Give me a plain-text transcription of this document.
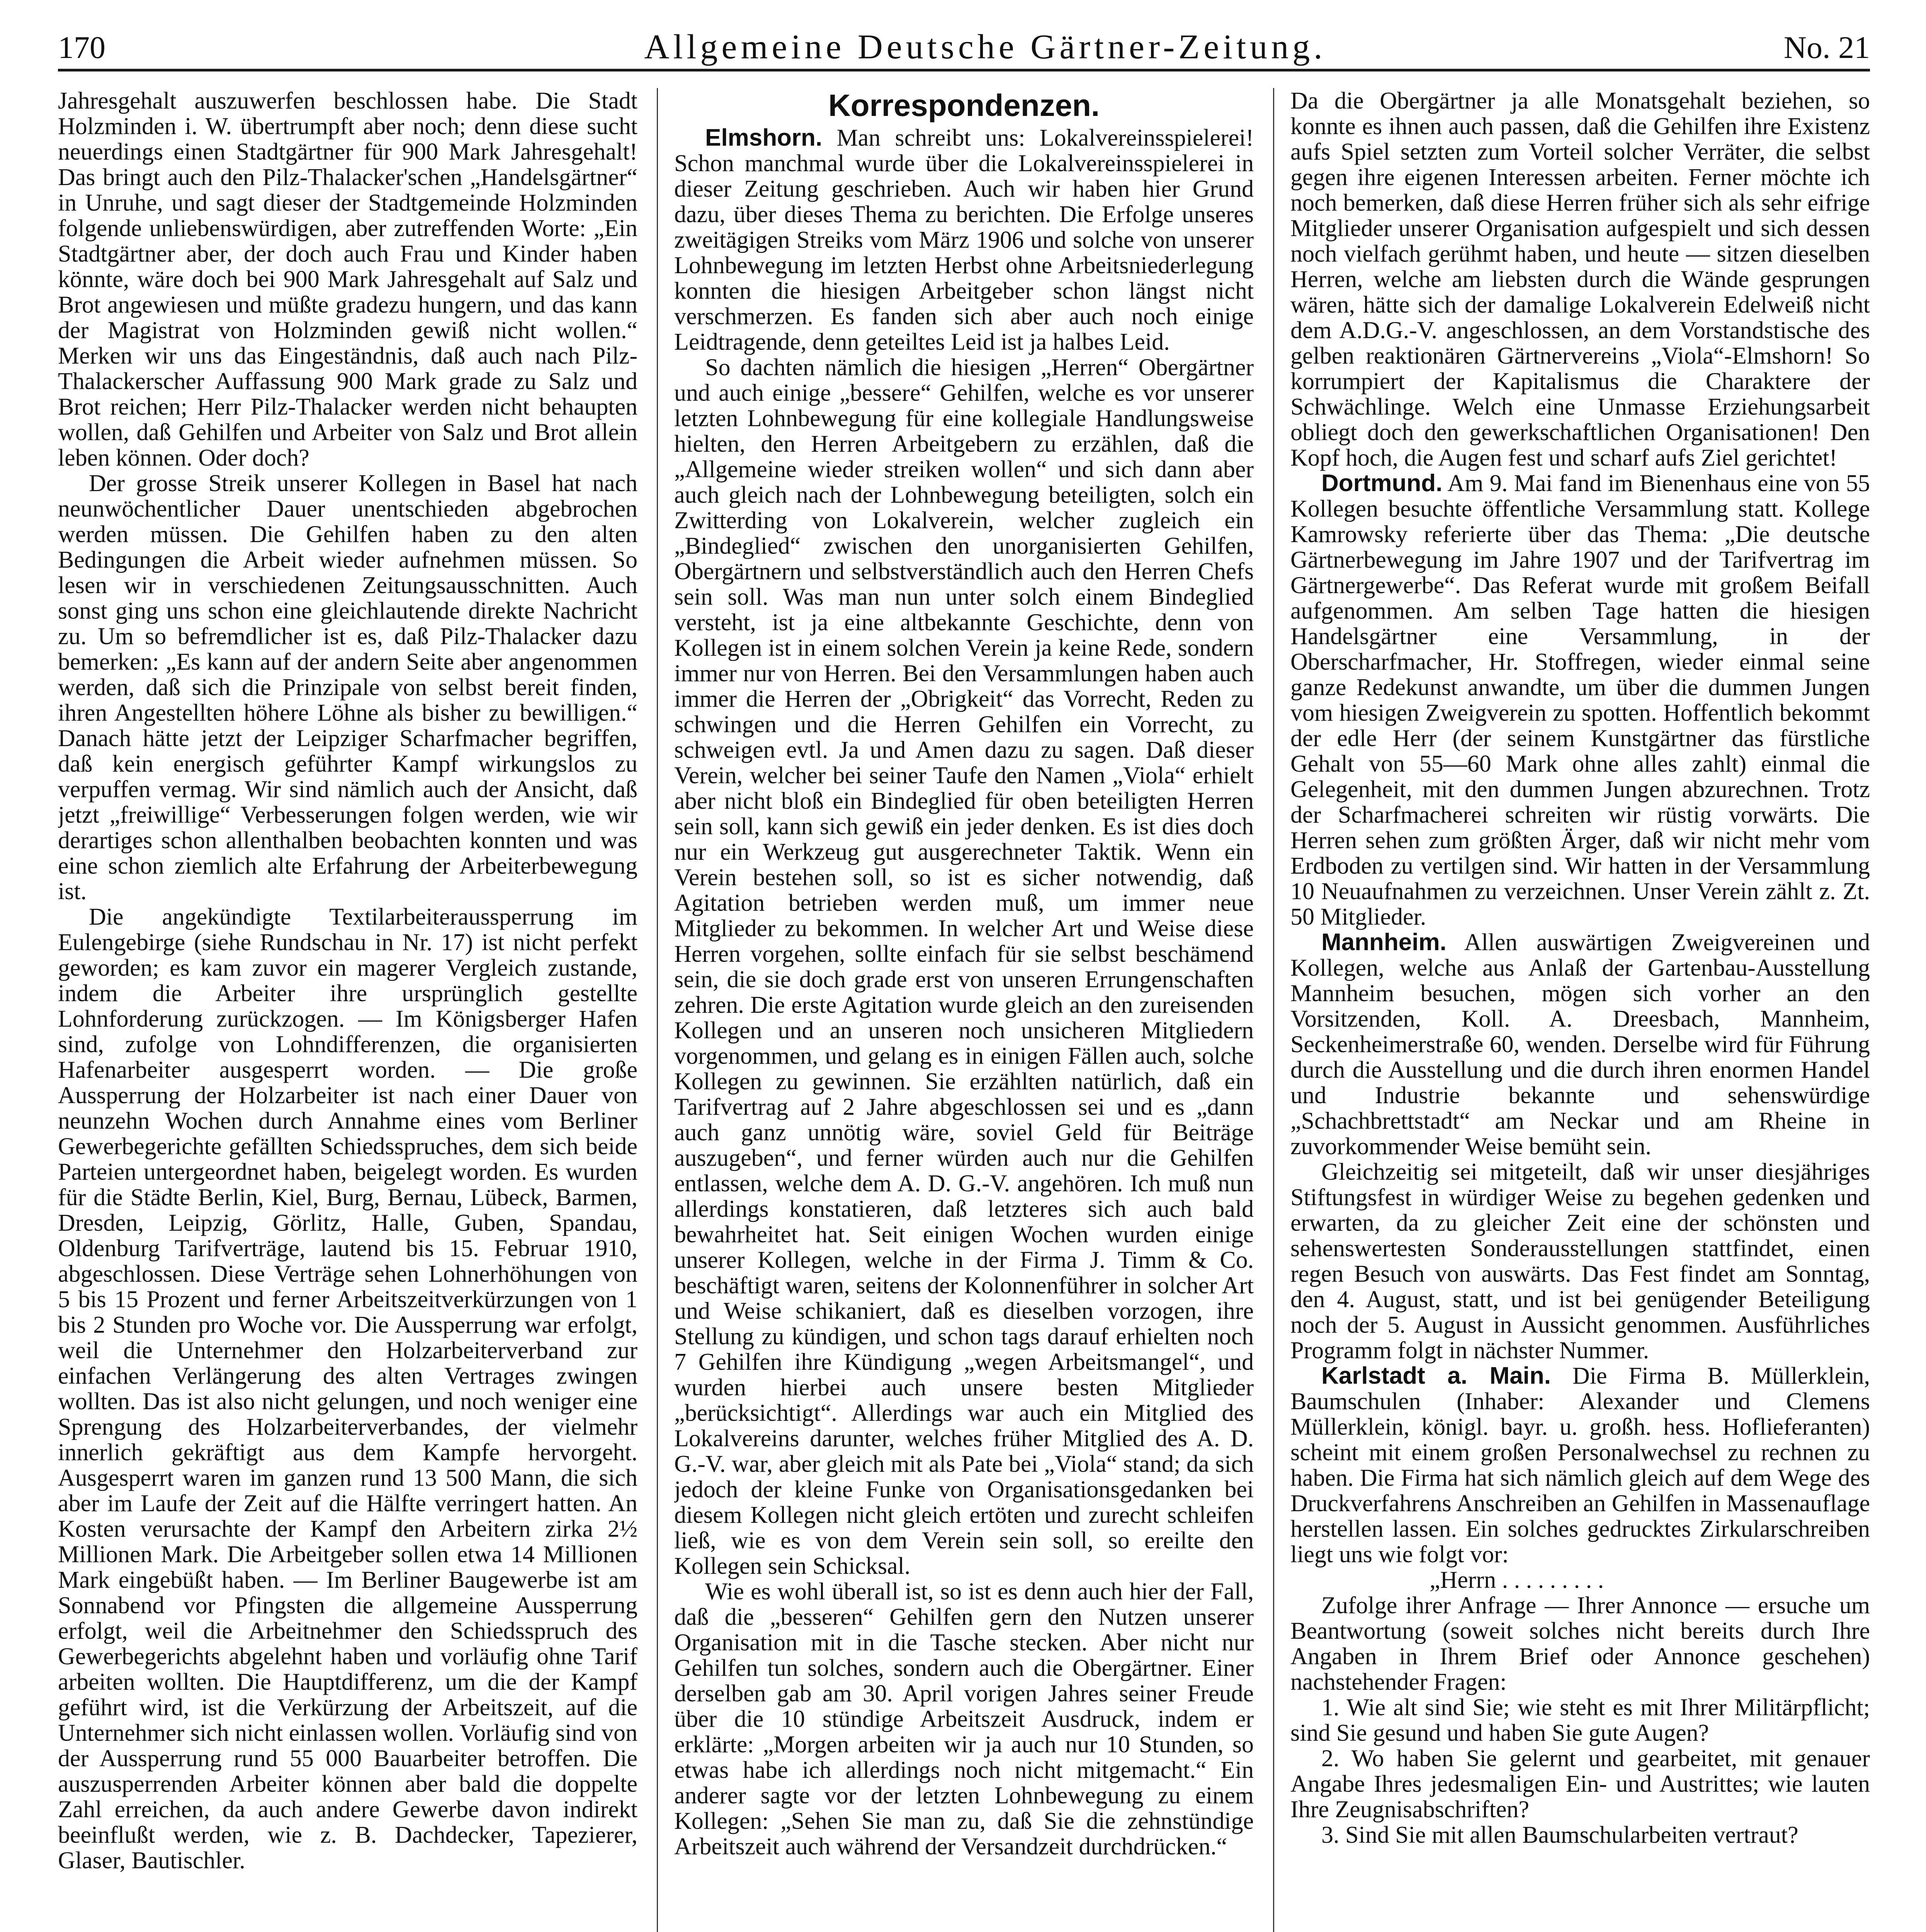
170	Allgemeine Deutsche Gärtner-Zeitung.	No. 21

Jahresgehalt auszuwerfen beschlossen habe. Die Stadt Holzminden i. W. übertrumpft aber noch; denn diese sucht neuerdings einen Stadtgärtner für 900 Mark Jahresgehalt! Das bringt auch den Pilz-Thalacker'schen „Handelsgärtner“ in Unruhe, und sagt dieser der Stadtgemeinde Holzminden folgende unliebenswürdigen, aber zutreffenden Worte: „Ein Stadtgärtner aber, der doch auch Frau und Kinder haben könnte, wäre doch bei 900 Mark Jahresgehalt auf Salz und Brot angewiesen und müßte gradezu hungern, und das kann der Magistrat von Holzminden gewiß nicht wollen.“ Merken wir uns das Eingeständnis, daß auch nach Pilz-Thalackerscher Auffassung 900 Mark grade zu Salz und Brot reichen; Herr Pilz-Thalacker werden nicht behaupten wollen, daß Gehilfen und Arbeiter von Salz und Brot allein leben können. Oder doch?

Der grosse Streik unserer Kollegen in Basel hat nach neunwöchentlicher Dauer unentschieden abgebrochen werden müssen. Die Gehilfen haben zu den alten Bedingungen die Arbeit wieder aufnehmen müssen. So lesen wir in verschiedenen Zeitungsausschnitten. Auch sonst ging uns schon eine gleichlautende direkte Nachricht zu. Um so befremdlicher ist es, daß Pilz-Thalacker dazu bemerken: „Es kann auf der andern Seite aber angenommen werden, daß sich die Prinzipale von selbst bereit finden, ihren Angestellten höhere Löhne als bisher zu bewilligen.“ Danach hätte jetzt der Leipziger Scharfmacher begriffen, daß kein energisch geführter Kampf wirkungslos zu verpuffen vermag. Wir sind nämlich auch der Ansicht, daß jetzt „freiwillige“ Verbesserungen folgen werden, wie wir derartiges schon allenthalben beobachten konnten und was eine schon ziemlich alte Erfahrung der Arbeiterbewegung ist.

Die angekündigte Textilarbeiteraussperrung im Eulengebirge (siehe Rundschau in Nr. 17) ist nicht perfekt geworden; es kam zuvor ein magerer Vergleich zustande, indem die Arbeiter ihre ursprünglich gestellte Lohnforderung zurückzogen. — Im Königsberger Hafen sind, zufolge von Lohndifferenzen, die organisierten Hafenarbeiter ausgesperrt worden. — Die große Aussperrung der Holzarbeiter ist nach einer Dauer von neunzehn Wochen durch Annahme eines vom Berliner Gewerbegerichte gefällten Schiedsspruches, dem sich beide Parteien untergeordnet haben, beigelegt worden. Es wurden für die Städte Berlin, Kiel, Burg, Bernau, Lübeck, Barmen, Dresden, Leipzig, Görlitz, Halle, Guben, Spandau, Oldenburg Tarifverträge, lautend bis 15. Februar 1910, abgeschlossen. Diese Verträge sehen Lohnerhöhungen von 5 bis 15 Prozent und ferner Arbeitszeitverkürzungen von 1 bis 2 Stunden pro Woche vor. Die Aussperrung war erfolgt, weil die Unternehmer den Holzarbeiterverband zur einfachen Verlängerung des alten Vertrages zwingen wollten. Das ist also nicht gelungen, und noch weniger eine Sprengung des Holzarbeiterverbandes, der vielmehr innerlich gekräftigt aus dem Kampfe hervorgeht. Ausgesperrt waren im ganzen rund 13 500 Mann, die sich aber im Laufe der Zeit auf die Hälfte verringert hatten. An Kosten verursachte der Kampf den Arbeitern zirka 2½ Millionen Mark. Die Arbeitgeber sollen etwa 14 Millionen Mark eingebüßt haben. — Im Berliner Baugewerbe ist am Sonnabend vor Pfingsten die allgemeine Aussperrung erfolgt, weil die Arbeitnehmer den Schiedsspruch des Gewerbegerichts abgelehnt haben und vorläufig ohne Tarif arbeiten wollten. Die Hauptdifferenz, um die der Kampf geführt wird, ist die Verkürzung der Arbeitszeit, auf die Unternehmer sich nicht einlassen wollen. Vorläufig sind von der Aussperrung rund 55 000 Bauarbeiter betroffen. Die auszusperrenden Arbeiter können aber bald die doppelte Zahl erreichen, da auch andere Gewerbe davon indirekt beeinflußt werden, wie z. B. Dachdecker, Tapezierer, Glaser, Bautischler.

Korrespondenzen.

Elmshorn. Man schreibt uns: Lokalvereinsspielerei! Schon manchmal wurde über die Lokalvereinsspielerei in dieser Zeitung geschrieben. Auch wir haben hier Grund dazu, über dieses Thema zu berichten. Die Erfolge unseres zweitägigen Streiks vom März 1906 und solche von unserer Lohnbewegung im letzten Herbst ohne Arbeitsniederlegung konnten die hiesigen Arbeitgeber schon längst nicht verschmerzen. Es fanden sich aber auch noch einige Leidtragende, denn geteiltes Leid ist ja halbes Leid.

So dachten nämlich die hiesigen „Herren“ Obergärtner und auch einige „bessere“ Gehilfen, welche es vor unserer letzten Lohnbewegung für eine kollegiale Handlungsweise hielten, den Herren Arbeitgebern zu erzählen, daß die „Allgemeine wieder streiken wollen“ und sich dann aber auch gleich nach der Lohnbewegung beteiligten, solch ein Zwitterding von Lokalverein, welcher zugleich ein „Bindeglied“ zwischen den unorganisierten Gehilfen, Obergärtnern und selbstverständlich auch den Herren Chefs sein soll. Was man nun unter solch einem Bindeglied versteht, ist ja eine altbekannte Geschichte, denn von Kollegen ist in einem solchen Verein ja keine Rede, sondern immer nur von Herren. Bei den Versammlungen haben auch immer die Herren der „Obrigkeit“ das Vorrecht, Reden zu schwingen und die Herren Gehilfen ein Vorrecht, zu schweigen evtl. Ja und Amen dazu zu sagen. Daß dieser Verein, welcher bei seiner Taufe den Namen „Viola“ erhielt aber nicht bloß ein Bindeglied für oben beteiligten Herren sein soll, kann sich gewiß ein jeder denken. Es ist dies doch nur ein Werkzeug gut ausgerechneter Taktik. Wenn ein Verein bestehen soll, so ist es sicher notwendig, daß Agitation betrieben werden muß, um immer neue Mitglieder zu bekommen. In welcher Art und Weise diese Herren vorgehen, sollte einfach für sie selbst beschämend sein, die sie doch grade erst von unseren Errungenschaften zehren. Die erste Agitation wurde gleich an den zureisenden Kollegen und an unseren noch unsicheren Mitgliedern vorgenommen, und gelang es in einigen Fällen auch, solche Kollegen zu gewinnen. Sie erzählten natürlich, daß ein Tarifvertrag auf 2 Jahre abgeschlossen sei und es „dann auch ganz unnötig wäre, soviel Geld für Beiträge auszugeben“, und ferner würden auch nur die Gehilfen entlassen, welche dem A. D. G.-V. angehören. Ich muß nun allerdings konstatieren, daß letzteres sich auch bald bewahrheitet hat. Seit einigen Wochen wurden einige unserer Kollegen, welche in der Firma J. Timm & Co. beschäftigt waren, seitens der Kolonnenführer in solcher Art und Weise schikaniert, daß es dieselben vorzogen, ihre Stellung zu kündigen, und schon tags darauf erhielten noch 7 Gehilfen ihre Kündigung „wegen Arbeitsmangel“, und wurden hierbei auch unsere besten Mitglieder „berücksichtigt“. Allerdings war auch ein Mitglied des Lokalvereins darunter, welches früher Mitglied des A. D. G.-V. war, aber gleich mit als Pate bei „Viola“ stand; da sich jedoch der kleine Funke von Organisationsgedanken bei diesem Kollegen nicht gleich ertöten und zurecht schleifen ließ, wie es von dem Verein sein soll, so ereilte den Kollegen sein Schicksal.

Wie es wohl überall ist, so ist es denn auch hier der Fall, daß die „besseren“ Gehilfen gern den Nutzen unserer Organisation mit in die Tasche stecken. Aber nicht nur Gehilfen tun solches, sondern auch die Obergärtner. Einer derselben gab am 30. April vorigen Jahres seiner Freude über die 10 stündige Arbeitszeit Ausdruck, indem er erklärte: „Morgen arbeiten wir ja auch nur 10 Stunden, so etwas habe ich allerdings noch nicht mitgemacht.“ Ein anderer sagte vor der letzten Lohnbewegung zu einem Kollegen: „Sehen Sie man zu, daß Sie die zehnstündige Arbeitszeit auch während der Versandzeit durchdrücken.“

Da die Obergärtner ja alle Monatsgehalt beziehen, so konnte es ihnen auch passen, daß die Gehilfen ihre Existenz aufs Spiel setzten zum Vorteil solcher Verräter, die selbst gegen ihre eigenen Interessen arbeiten. Ferner möchte ich noch bemerken, daß diese Herren früher sich als sehr eifrige Mitglieder unserer Organisation aufgespielt und sich dessen noch vielfach gerühmt haben, und heute — sitzen dieselben Herren, welche am liebsten durch die Wände gesprungen wären, hätte sich der damalige Lokalverein Edelweiß nicht dem A.D.G.-V. angeschlossen, an dem Vorstandstische des gelben reaktionären Gärtnervereins „Viola“-Elmshorn! So korrumpiert der Kapitalismus die Charaktere der Schwächlinge. Welch eine Unmasse Erziehungsarbeit obliegt doch den gewerkschaftlichen Organisationen! Den Kopf hoch, die Augen fest und scharf aufs Ziel gerichtet!

Dortmund. Am 9. Mai fand im Bienenhaus eine von 55 Kollegen besuchte öffentliche Versammlung statt. Kollege Kamrowsky referierte über das Thema: „Die deutsche Gärtnerbewegung im Jahre 1907 und der Tarifvertrag im Gärtnergewerbe“. Das Referat wurde mit großem Beifall aufgenommen. Am selben Tage hatten die hiesigen Handelsgärtner eine Versammlung, in der Oberscharfmacher, Hr. Stoffregen, wieder einmal seine ganze Redekunst anwandte, um über die dummen Jungen vom hiesigen Zweigverein zu spotten. Hoffentlich bekommt der edle Herr (der seinem Kunstgärtner das fürstliche Gehalt von 55—60 Mark ohne alles zahlt) einmal die Gelegenheit, mit den dummen Jungen abzurechnen. Trotz der Scharfmacherei schreiten wir rüstig vorwärts. Die Herren sehen zum größten Ärger, daß wir nicht mehr vom Erdboden zu vertilgen sind. Wir hatten in der Versammlung 10 Neuaufnahmen zu verzeichnen. Unser Verein zählt z. Zt. 50 Mitglieder.

Mannheim. Allen auswärtigen Zweigvereinen und Kollegen, welche aus Anlaß der Gartenbau-Ausstellung Mannheim besuchen, mögen sich vorher an den Vorsitzenden, Koll. A. Dreesbach, Mannheim, Seckenheimerstraße 60, wenden. Derselbe wird für Führung durch die Ausstellung und die durch ihren enormen Handel und Industrie bekannte und sehenswürdige „Schachbrettstadt“ am Neckar und am Rheine in zuvorkommender Weise bemüht sein.

Gleichzeitig sei mitgeteilt, daß wir unser diesjähriges Stiftungsfest in würdiger Weise zu begehen gedenken und erwarten, da zu gleicher Zeit eine der schönsten und sehenswertesten Sonderausstellungen stattfindet, einen regen Besuch von auswärts. Das Fest findet am Sonntag, den 4. August, statt, und ist bei genügender Beteiligung noch der 5. August in Aussicht genommen. Ausführliches Programm folgt in nächster Nummer.

Karlstadt a. Main. Die Firma B. Müllerklein, Baumschulen (Inhaber: Alexander und Clemens Müllerklein, königl. bayr. u. großh. hess. Hoflieferanten) scheint mit einem großen Personalwechsel zu rechnen zu haben. Die Firma hat sich nämlich gleich auf dem Wege des Druckverfahrens Anschreiben an Gehilfen in Massenauflage herstellen lassen. Ein solches gedrucktes Zirkularschreiben liegt uns wie folgt vor:

„Herrn . . . . . . . . .

Zufolge ihrer Anfrage — Ihrer Annonce — ersuche um Beantwortung (soweit solches nicht bereits durch Ihre Angaben in Ihrem Brief oder Annonce geschehen) nachstehender Fragen:

1. Wie alt sind Sie; wie steht es mit Ihrer Militärpflicht; sind Sie gesund und haben Sie gute Augen?

2. Wo haben Sie gelernt und gearbeitet, mit genauer Angabe Ihres jedesmaligen Ein- und Austrittes; wie lauten Ihre Zeugnisabschriften?

3. Sind Sie mit allen Baumschularbeiten vertraut?
